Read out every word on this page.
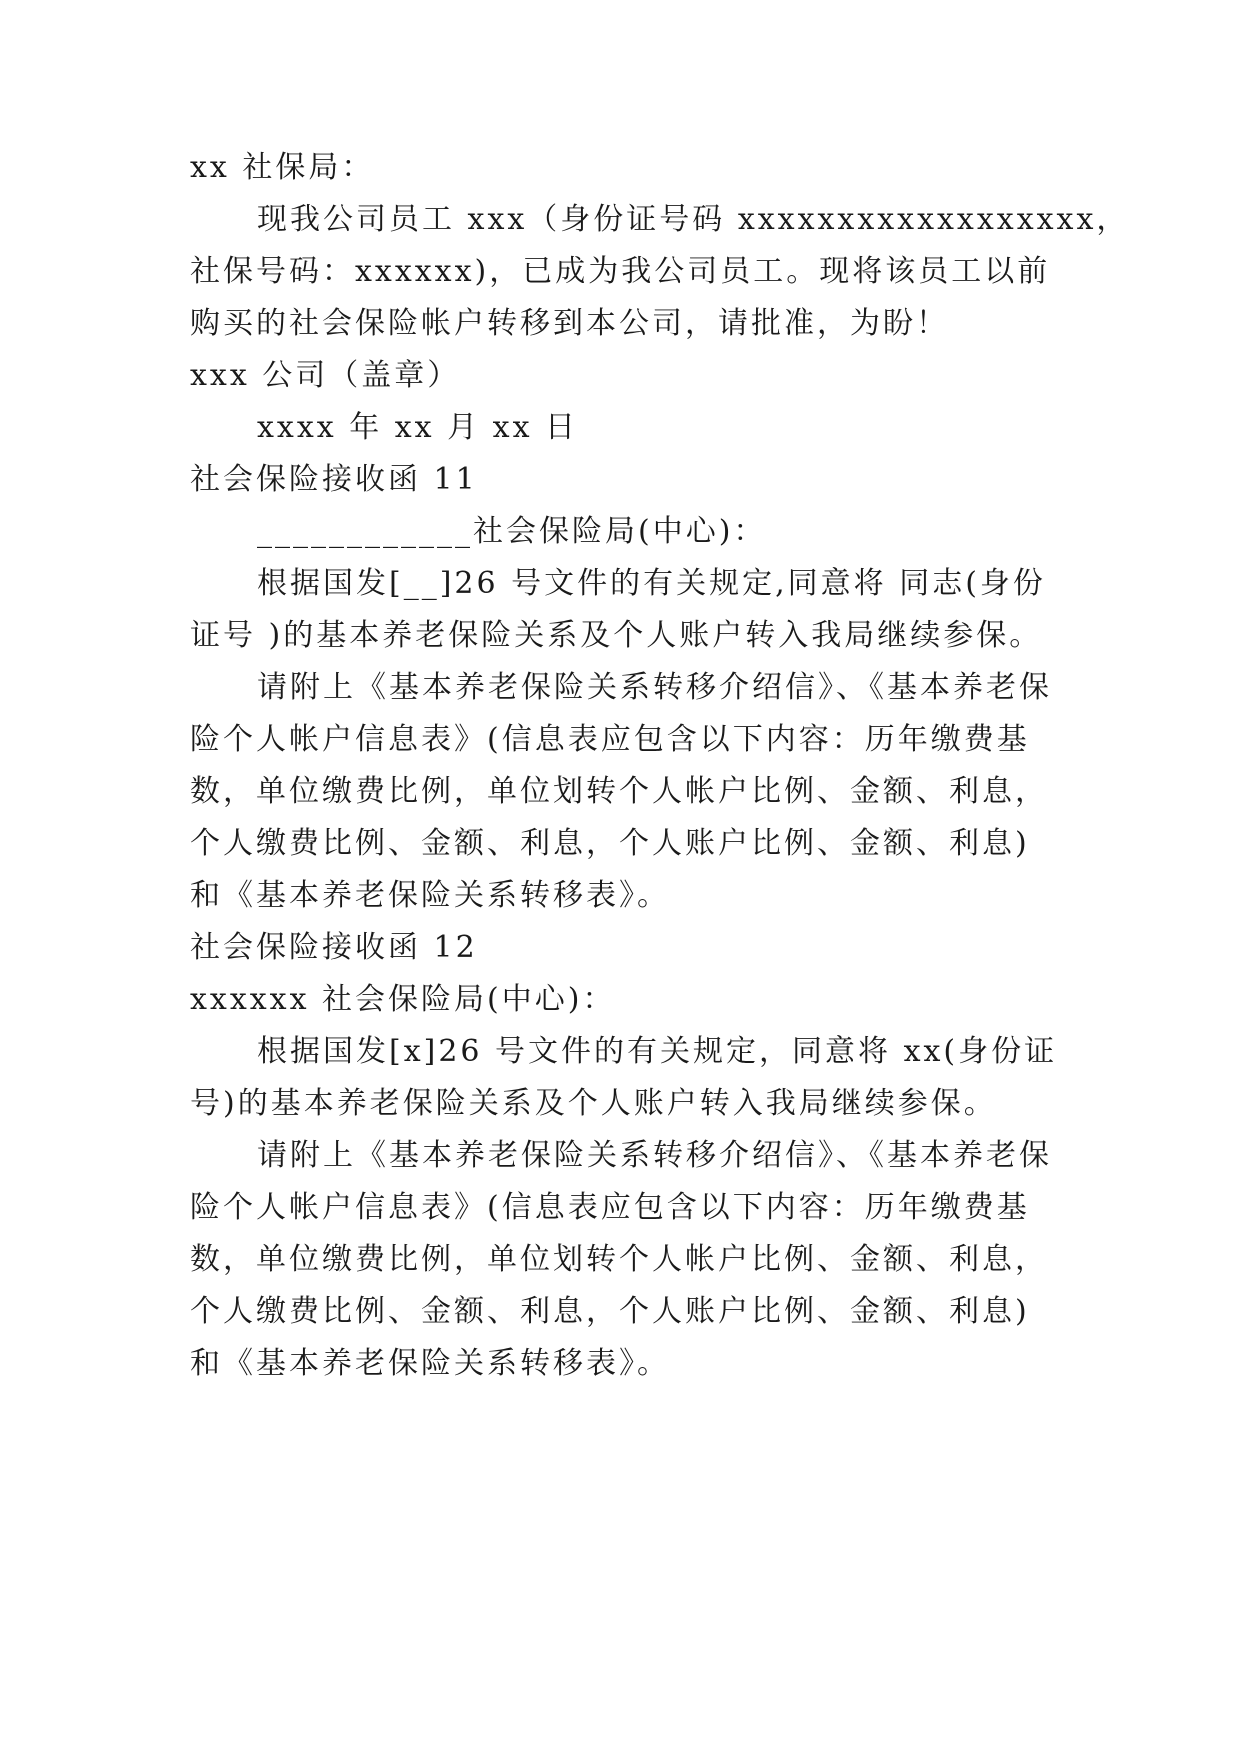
xx 社保局：

现我公司员工 xxx（身份证号码 xxxxxxxxxxxxxxxxxx，

社保号码：xxxxxx)，已成为我公司员工。现将该员工以前

购买的社会保险帐户转移到本公司，请批准，为盼！

xxx 公司（盖章）

xxxx 年 xx 月 xx 日

社会保险接收函 11

____________社会保险局(中心)：

根据国发[__]26 号文件的有关规定,同意将 同志(身份

证号 )的基本养老保险关系及个人账户转入我局继续参保。

请附上《基本养老保险关系转移介绍信》、《基本养老保

险个人帐户信息表》(信息表应包含以下内容：历年缴费基

数，单位缴费比例，单位划转个人帐户比例、金额、利息，

个人缴费比例、金额、利息，个人账户比例、金额、利息)

和《基本养老保险关系转移表》。

社会保险接收函 12

xxxxxx 社会保险局(中心)：

根据国发[x]26 号文件的有关规定，同意将 xx(身份证

号)的基本养老保险关系及个人账户转入我局继续参保。

请附上《基本养老保险关系转移介绍信》、《基本养老保

险个人帐户信息表》(信息表应包含以下内容：历年缴费基

数，单位缴费比例，单位划转个人帐户比例、金额、利息，

个人缴费比例、金额、利息，个人账户比例、金额、利息)

和《基本养老保险关系转移表》。
